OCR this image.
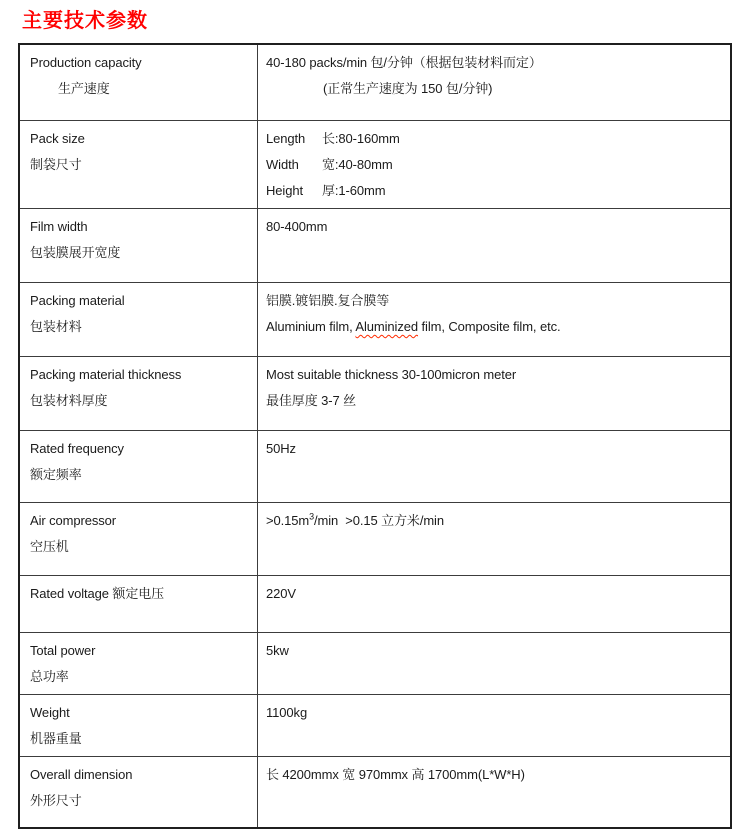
主要技术参数
Production capacity
生产速度
40-180 packs/min 包/分钟（根据包装材料而定）
(正常生产速度为 150 包/分钟)
Pack size
制袋尺寸
Length 长:80-160mm
Width 宽:40-80mm
Height 厚:1-60mm
Film width
包装膜展开宽度
80-400mm
Packing material
包装材料
铝膜.镀铝膜.复合膜等
Aluminium film, Aluminized film, Composite film, etc.
Packing material thickness
包装材料厚度
Most suitable thickness 30-100micron meter
最佳厚度 3-7 丝
Rated frequency
额定频率
50Hz
Air compressor
空压机
$>0.15m^3/\min >0.15$ 立方米/min
Rated voltage 额定电压	220V
Total power
总功率
5kw
Weight
机器重量
1100kg
Overall dimension
外形尺寸
长 4200mmx 宽 970mmx 高 1700mm(L*W*H)
